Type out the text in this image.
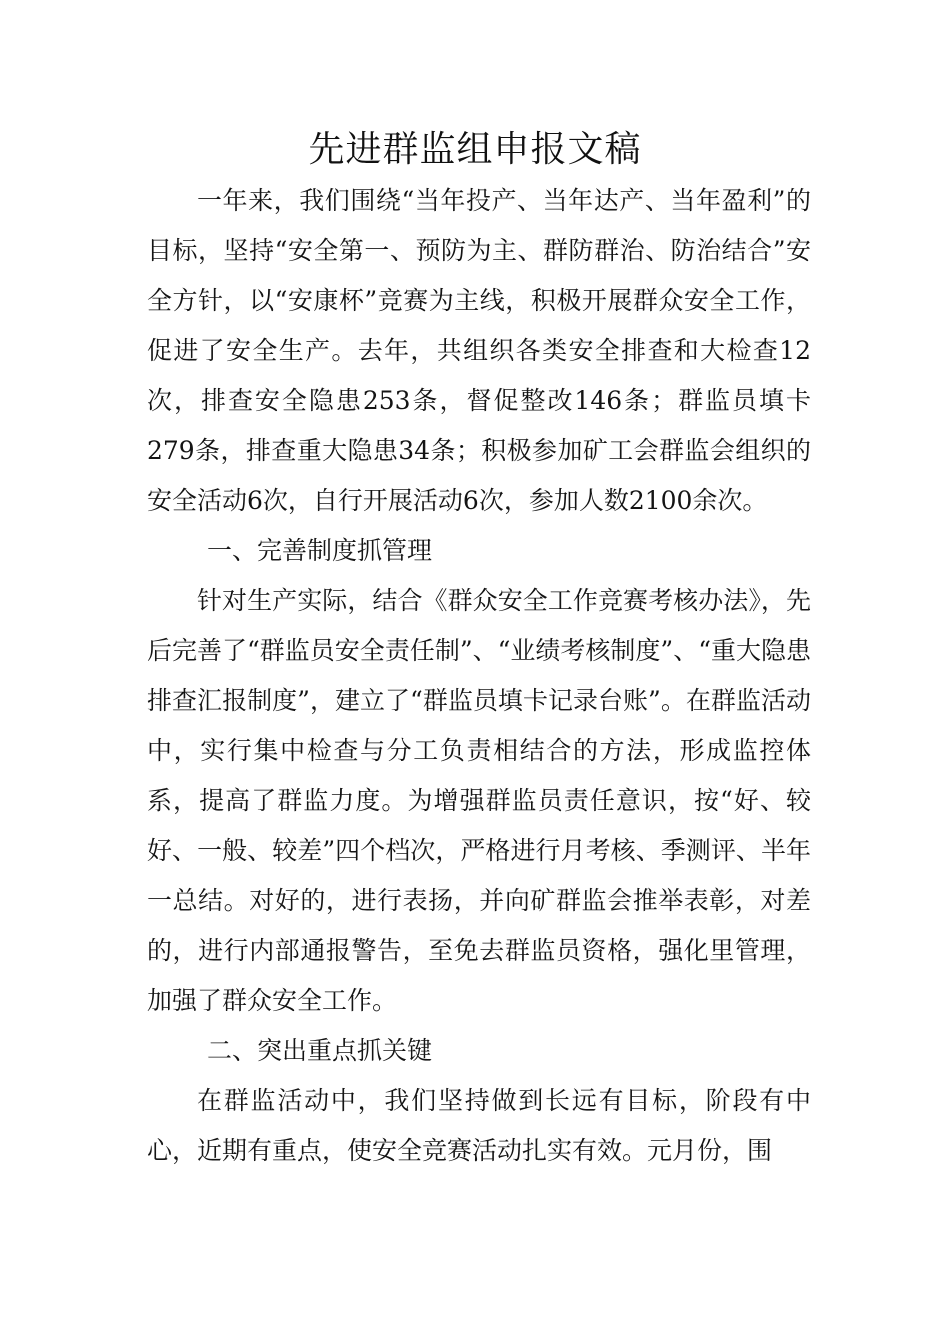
先进群监组申报文稿

一年来，我们围绕“当年投产、当年达产、当年盈利”的目标，坚持“安全第一、预防为主、群防群治、防治结合”安全方针，以“安康杯”竞赛为主线，积极开展群众安全工作，促进了安全生产。去年，共组织各类安全排查和大检查12次，排查安全隐患253条，督促整改146条；群监员填卡279条，排查重大隐患34条；积极参加矿工会群监会组织的安全活动6次，自行开展活动6次，参加人数2100余次。

一、完善制度抓管理

针对生产实际，结合《群众安全工作竞赛考核办法》，先后完善了“群监员安全责任制”、“业绩考核制度”、“重大隐患排查汇报制度”，建立了“群监员填卡记录台账”。在群监活动中，实行集中检查与分工负责相结合的方法，形成监控体系，提高了群监力度。为增强群监员责任意识，按“好、较好、一般、较差”四个档次，严格进行月考核、季测评、半年一总结。对好的，进行表扬，并向矿群监会推举表彰，对差的，进行内部通报警告，至免去群监员资格，强化里管理，加强了群众安全工作。

二、突出重点抓关键

在群监活动中，我们坚持做到长远有目标，阶段有中心，近期有重点，使安全竞赛活动扎实有效。元月份，围
